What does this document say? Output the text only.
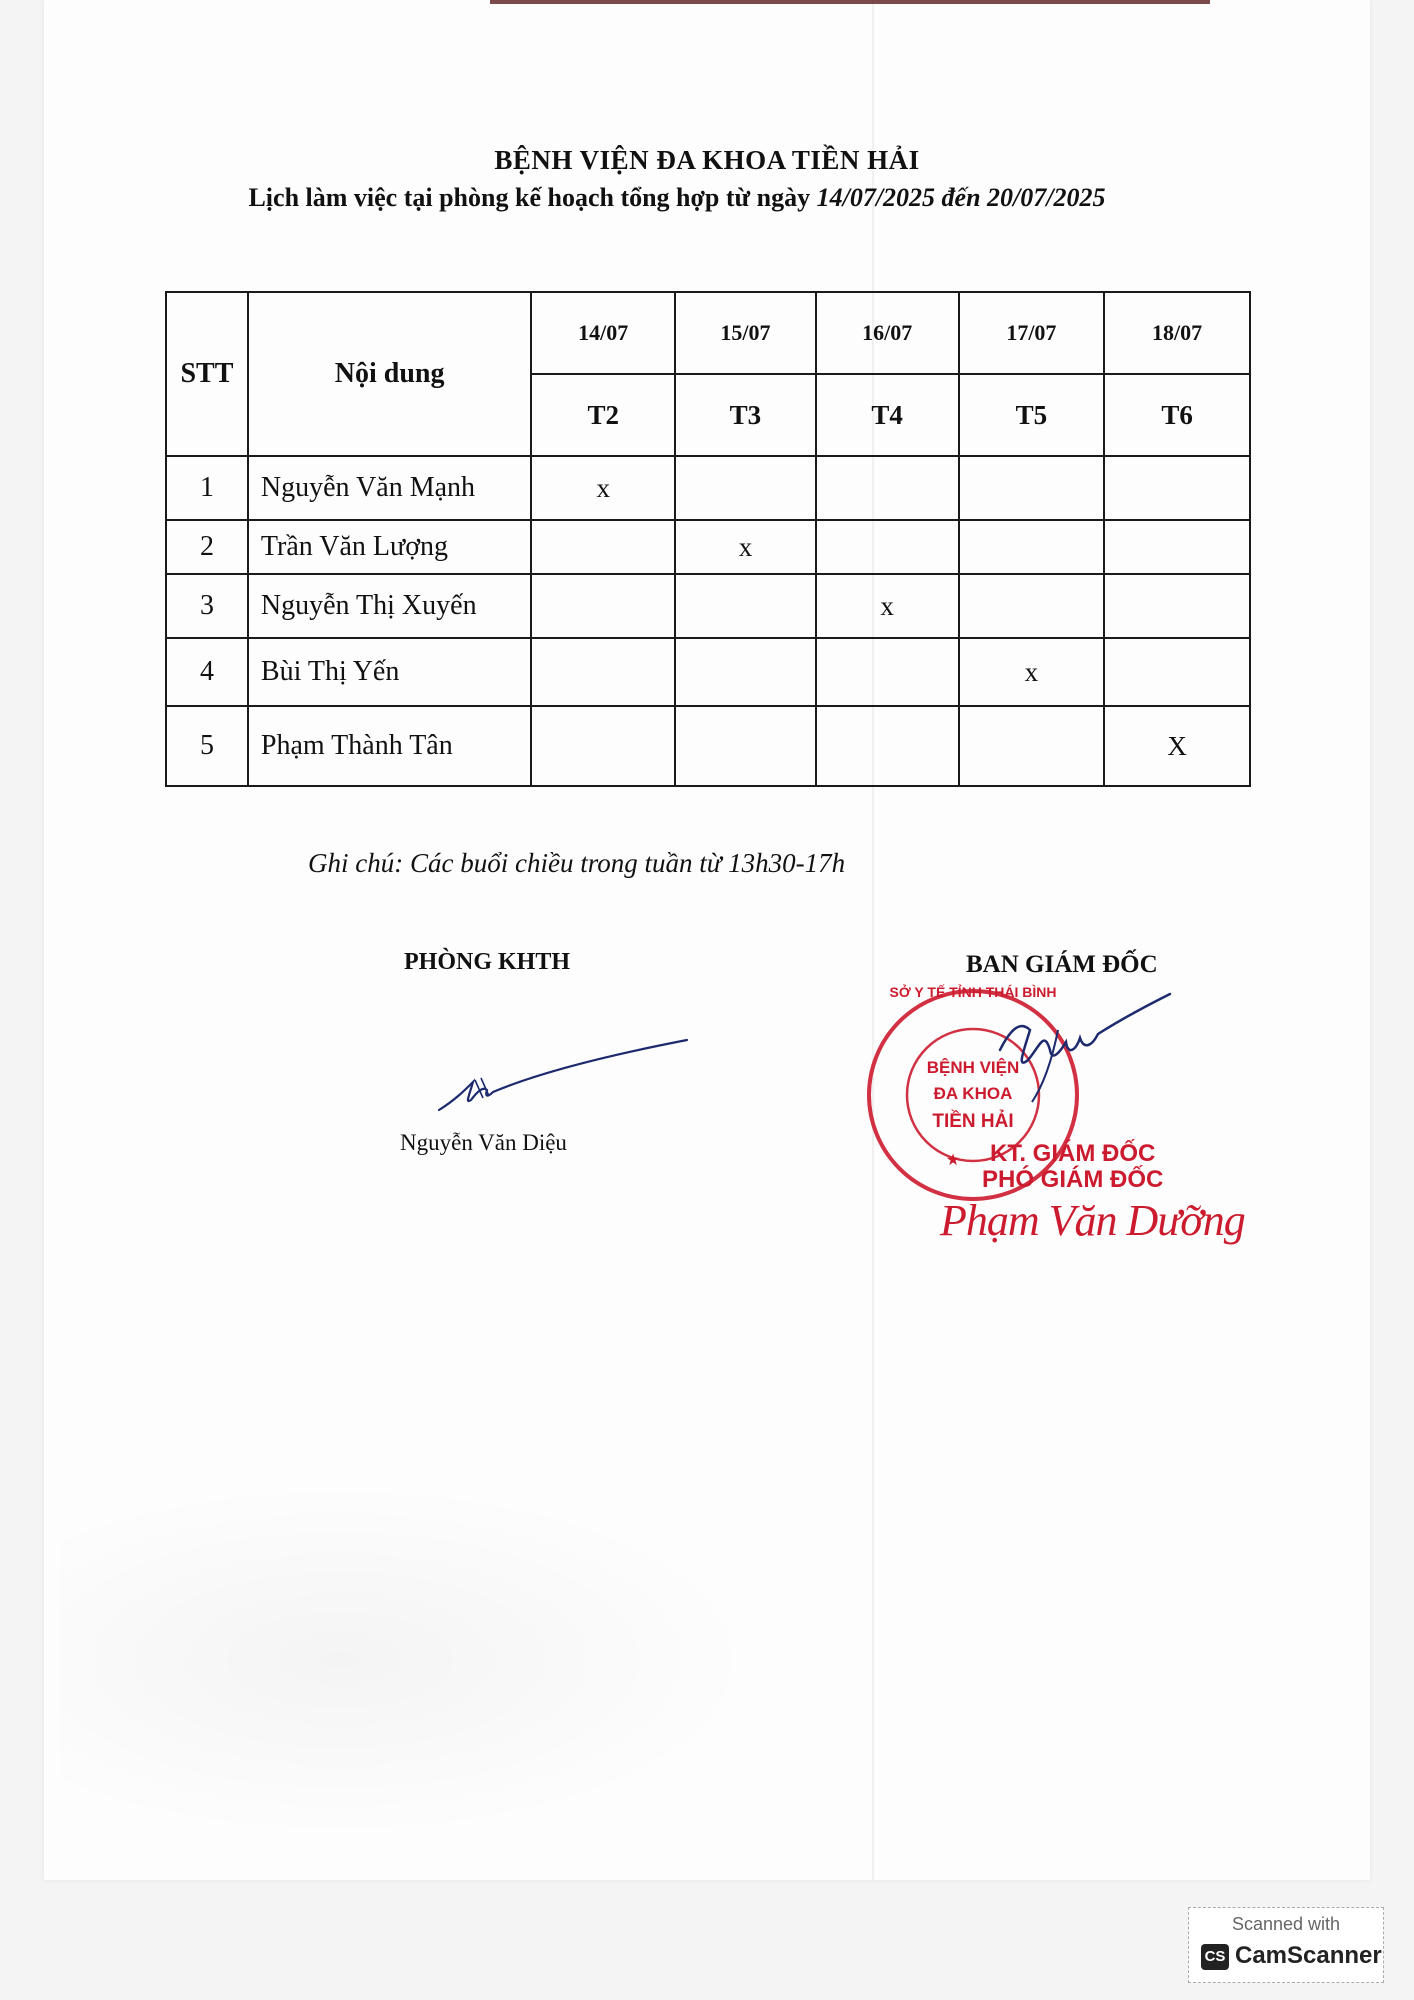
BỆNH VIỆN ĐA KHOA TIỀN HẢI
Lịch làm việc tại phòng kế hoạch tổng hợp từ ngày 14/07/2025 đến 20/07/2025
STT	Nội dung	14/07	15/07	16/07	17/07	18/07
		T2	T3	T4	T5	T6
1	Nguyễn Văn Mạnh	x				
2	Trần Văn Lượng		x			
3	Nguyễn Thị Xuyến			x		
4	Bùi Thị Yến				x	
5	Phạm Thành Tân					X
Ghi chú: Các buổi chiều trong tuần từ 13h30-17h
PHÒNG KHTH
Nguyễn Văn Diệu
BAN GIÁM ĐỐC
SỞ Y TẾ TỈNH THÁI BÌNH
BỆNH VIỆN
ĐA KHOA
TIỀN HẢI
★ KT. GIÁM ĐỐC
PHÓ GIÁM ĐỐC
Phạm Văn Dưỡng
Scanned with
CS CamScanner
